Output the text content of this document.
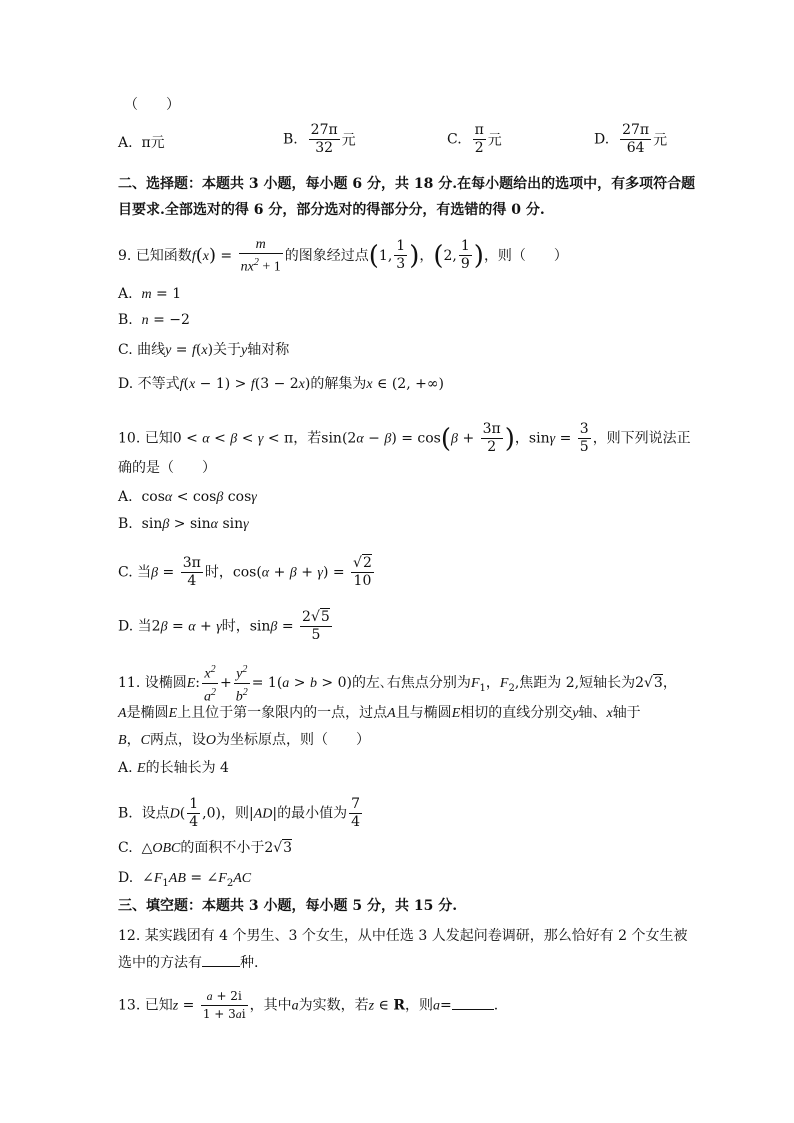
（　　）
A. π元	B. $\frac{27\pi}{32}$ 元	C. $\frac{\pi}{2}$ 元	D. $\frac{27\pi}{64}$ 元
二、选择题：本题共 3 小题，每小题 6 分，共 18 分.在每小题给出的选项中，有多项符合题
目要求.全部选对的得 6 分，部分选对的得部分分，有选错的得 0 分.
9. 已知函数$f(x) = \frac{m}{nx^2 + 1}$ 的图象经过点(1, $\frac{1}{3}$ )，(2, $\frac{1}{9}$ )，则（　　）
A. m = 1
B. n = −2
C. 曲线y = f(x)关于y轴对称
D. 不等式f(x − 1) > f(3 − 2x)的解集为x ∈ (2, +∞)
10. 已知0 < α < β < γ < π，若$\sin(2\alpha - \beta) = \cos(\beta + \frac{3\pi}{2}$ )，$\sin\gamma = \frac{3}{5}$ ，则下列说法正
确的是（　　）
A.  cosα < cosβ cosγ
B.  sinβ > sinα sinγ
C. 当$\beta = \frac{3\pi}{4}$ 时，$\cos(\alpha + \beta + \gamma) = \frac{√2}{10}$
D. 当2β = α + γ时，$\sin\beta = \frac{2√5}{5}$
11. 设椭圆E: $\frac{x^2}{a^2} + \frac{y^2}{b^2} = 1(a > b > 0)$的左､右焦点分别为$F_1$，$F_2$,焦距为 2,短轴长为2√3，
A是椭圆E上且位于第一象限内的一点，过点A且与椭圆E相切的直线分别交y轴、x轴于
B，C两点，设O为坐标原点，则（　　）
A. E的长轴长为 4
B. 设点$D( \frac{1}{4} ,0)$，则|AD|的最小值为 $\frac{7}{4}$
C.  △OBC的面积不小于2√3
D.  $\angle F_1AB$ = $\angle F_2AC$
三、填空题：本题共 3 小题，每小题 5 分，共 15 分.
12. 某实践团有 4 个男生、3 个女生，从中任选 3 人发起问卷调研，那么恰好有 2 个女生被
选中的方法有	种.
13. 已知$z = \frac{a + 2i}{1 + 3ai}$ ，其中a为实数，若z ∈ R，则a=	.
